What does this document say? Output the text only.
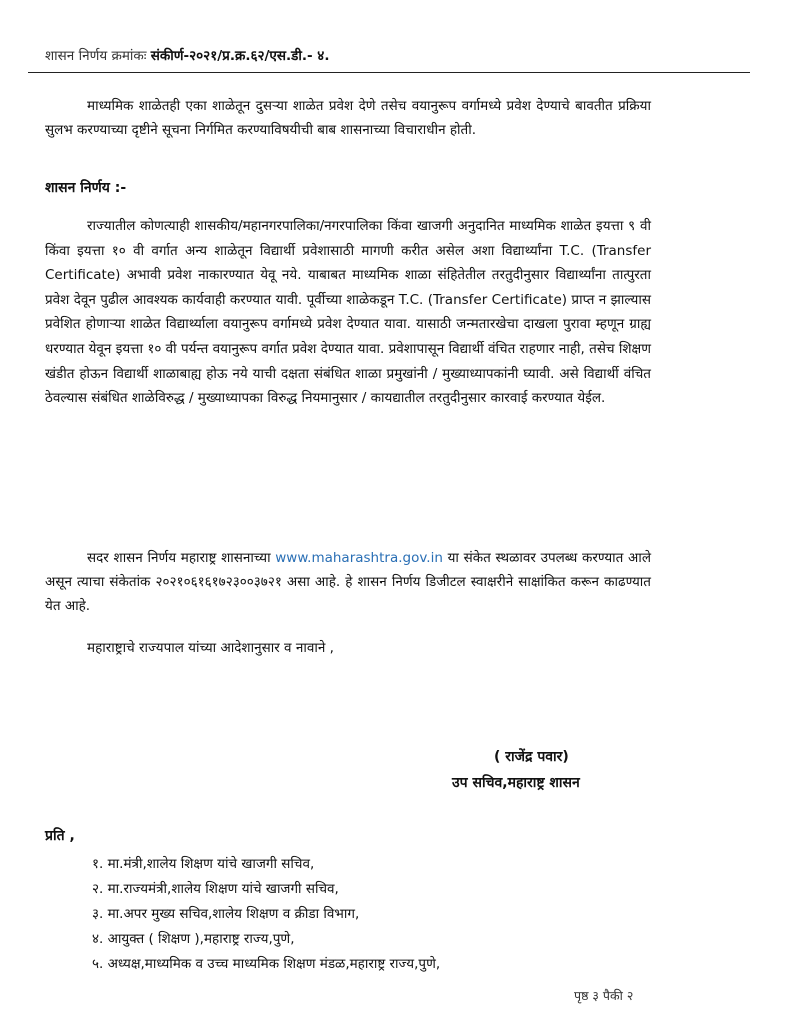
शासन निर्णय क्रमांकः संकीर्ण-२०२१/प्र.क्र.६२/एस.डी.- ४.

माध्यमिक शाळेतही एका शाळेतून दुसऱ्या शाळेत प्रवेश देणे तसेच वयानुरूप वर्गामध्ये प्रवेश देण्याचे बावतीत प्रक्रिया सुलभ करण्याच्या दृष्टीने सूचना निर्गमित करण्याविषयीची बाब शासनाच्या विचाराधीन होती.

शासन निर्णय :-

राज्यातील कोणत्याही शासकीय/महानगरपालिका/नगरपालिका किंवा खाजगी अनुदानित माध्यमिक शाळेत इयत्ता ९ वी किंवा इयत्ता १० वी वर्गात अन्य शाळेतून विद्यार्थी प्रवेशासाठी मागणी करीत असेल अशा विद्यार्थ्यांना T.C. (Transfer Certificate) अभावी प्रवेश नाकारण्यात येवू नये. याबाबत माध्यमिक शाळा संहितेतील तरतुदीनुसार विद्यार्थ्यांना तात्पुरता प्रवेश देवून पुढील आवश्यक कार्यवाही करण्यात यावी. पूर्वीच्या शाळेकडून T.C. (Transfer Certificate) प्राप्त न झाल्यास प्रवेशित होणाऱ्या शाळेत विद्यार्थ्याला वयानुरूप वर्गामध्ये प्रवेश देण्यात यावा. यासाठी जन्मतारखेचा दाखला पुरावा म्हणून ग्राह्य धरण्यात येवून इयत्ता १० वी पर्यन्त वयानुरूप वर्गात प्रवेश देण्यात यावा. प्रवेशापासून विद्यार्थी वंचित राहणार नाही, तसेच शिक्षण खंडीत होऊन विद्यार्थी शाळाबाह्य होऊ नये याची दक्षता संबंधित शाळा प्रमुखांनी / मुख्याध्यापकांनी घ्यावी. असे विद्यार्थी वंचित ठेवल्यास संबंधित शाळेविरुद्ध / मुख्याध्यापका विरुद्ध नियमानुसार / कायद्यातील तरतुदीनुसार कारवाई करण्यात येईल.

सदर शासन निर्णय महाराष्ट्र शासनाच्या www.maharashtra.gov.in या संकेत स्थळावर उपलब्ध करण्यात आले असून त्याचा संकेतांक २०२१०६१६१७२३००३७२१ असा आहे. हे शासन निर्णय डिजीटल स्वाक्षरीने साक्षांकित करून काढण्यात येत आहे.

महाराष्ट्राचे राज्यपाल यांच्या आदेशानुसार व नावाने ,

( राजेंद्र पवार)
उप सचिव,महाराष्ट्र शासन
प्रति ,
१. मा.मंत्री,शालेय शिक्षण यांचे खाजगी सचिव,
२. मा.राज्यमंत्री,शालेय शिक्षण यांचे खाजगी सचिव,
३. मा.अपर मुख्य सचिव,शालेय शिक्षण व क्रीडा विभाग,
४. आयुक्त ( शिक्षण ),महाराष्ट्र राज्य,पुणे,
५. अध्यक्ष,माध्यमिक व उच्च माध्यमिक शिक्षण मंडळ,महाराष्ट्र राज्य,पुणे,
पृष्ठ ३ पैकी २
